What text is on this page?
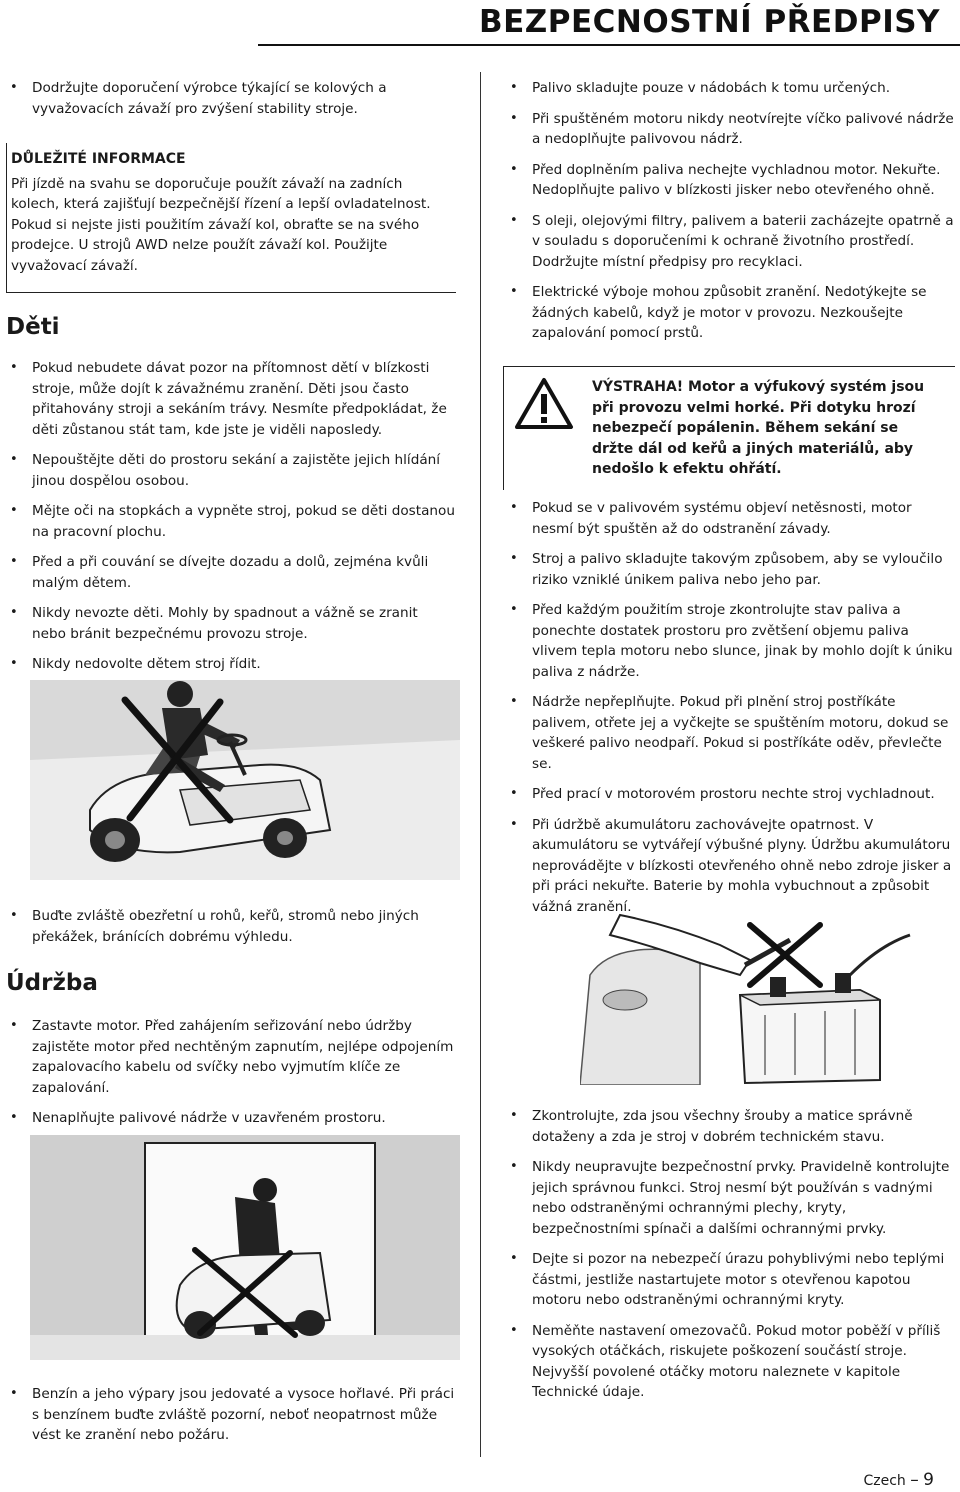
BEZPECNOSTNÍ PŘEDPISY
• Dodržujte doporučení výrobce týkající se kolových a vyvažovacích závaží pro zvýšení stability stroje.
DŮLEŽITÉ INFORMACE
Při jízdě na svahu se doporučuje použít závaží na zadních kolech, která zajišťují bezpečnější řízení a lepší ovladatelnost. Pokud si nejste jisti použitím závaží kol, obraťte se na svého prodejce. U strojů AWD nelze použít závaží kol. Použijte vyvažovací závaží.
Děti
• Pokud nebudete dávat pozor na přítomnost dětí v blízkosti stroje, může dojít k závažnému zranění. Děti jsou často přitahovány stroji a sekáním trávy. Nesmíte předpokládat, že děti zůstanou stát tam, kde jste je viděli naposledy.
• Nepouštějte děti do prostoru sekání a zajistěte jejich hlídání jinou dospělou osobou.
• Mějte oči na stopkách a vypněte stroj, pokud se děti dostanou na pracovní plochu.
• Před a při couvání se dívejte dozadu a dolů, zejména kvůli malým dětem.
• Nikdy nevozte děti. Mohly by spadnout a vážně se zranit nebo bránit bezpečnému provozu stroje.
• Nikdy nedovolte dětem stroj řídit.
• Buďte zvláště obezřetní u rohů, keřů, stromů nebo jiných překážek, bránících dobrému výhledu.
Údržba
• Zastavte motor. Před zahájením seřizování nebo údržby zajistěte motor před nechtěným zapnutím, nejlépe odpojením zapalovacího kabelu od svíčky nebo vyjmutím klíče ze zapalování.
• Nenaplňujte palivové nádrže v uzavřeném prostoru.
• Benzín a jeho výpary jsou jedovaté a vysoce hořlavé. Při práci s benzínem buďte zvláště pozorní, neboť neopatrnost může vést ke zranění nebo požáru.
• Palivo skladujte pouze v nádobách k tomu určených.
• Při spuštěném motoru nikdy neotvírejte víčko palivové nádrže a nedoplňujte palivovou nádrž.
• Před doplněním paliva nechejte vychladnou motor. Nekuřte. Nedoplňujte palivo v blízkosti jisker nebo otevřeného ohně.
• S oleji, olejovými filtry, palivem a baterii zacházejte opatrně a v souladu s doporučeními k ochraně životního prostředí. Dodržujte místní předpisy pro recyklaci.
• Elektrické výboje mohou způsobit zranění. Nedotýkejte se žádných kabelů, když je motor v provozu. Nezkoušejte zapalování pomocí prstů.
VÝSTRAHA! Motor a výfukový systém jsou při provozu velmi horké. Při dotyku hrozí nebezpečí popálenin. Během sekání se držte dál od keřů a jiných materiálů, aby nedošlo k efektu ohřátí.
• Pokud se v palivovém systému objeví netěsnosti, motor nesmí být spuštěn až do odstranění závady.
• Stroj a palivo skladujte takovým způsobem, aby se vyloučilo riziko vzniklé únikem paliva nebo jeho par.
• Před každým použitím stroje zkontrolujte stav paliva a ponechte dostatek prostoru pro zvětšení objemu paliva vlivem tepla motoru nebo slunce, jinak by mohlo dojít k úniku paliva z nádrže.
• Nádrže nepřeplňujte. Pokud při plnění stroj postříkáte palivem, otřete jej a vyčkejte se spuštěním motoru, dokud se veškeré palivo neodpaří. Pokud si postříkáte oděv, převlečte se.
• Před prací v motorovém prostoru nechte stroj vychladnout.
• Při údržbě akumulátoru zachovávejte opatrnost. V akumulátoru se vytvářejí výbušné plyny. Údržbu akumulátoru neprovádějte v blízkosti otevřeného ohně nebo zdroje jisker a při práci nekuřte. Baterie by mohla vybuchnout a způsobit vážná zranění.
• Zkontrolujte, zda jsou všechny šrouby a matice správně dotaženy a zda je stroj v dobrém technickém stavu.
• Nikdy neupravujte bezpečnostní prvky. Pravidelně kontrolujte jejich správnou funkci. Stroj nesmí být používán s vadnými nebo odstraněnými ochrannými plechy, kryty, bezpečnostními spínači a dalšími ochrannými prvky.
• Dejte si pozor na nebezpečí úrazu pohyblivými nebo teplými částmi, jestliže nastartujete motor s otevřenou kapotou motoru nebo odstraněnými ochrannými kryty.
• Neměňte nastavení omezovačů. Pokud motor poběží v příliš vysokých otáčkách, riskujete poškození součástí stroje. Nejvyšší povolené otáčky motoru naleznete v kapitole Technické údaje.
Czech – 9
